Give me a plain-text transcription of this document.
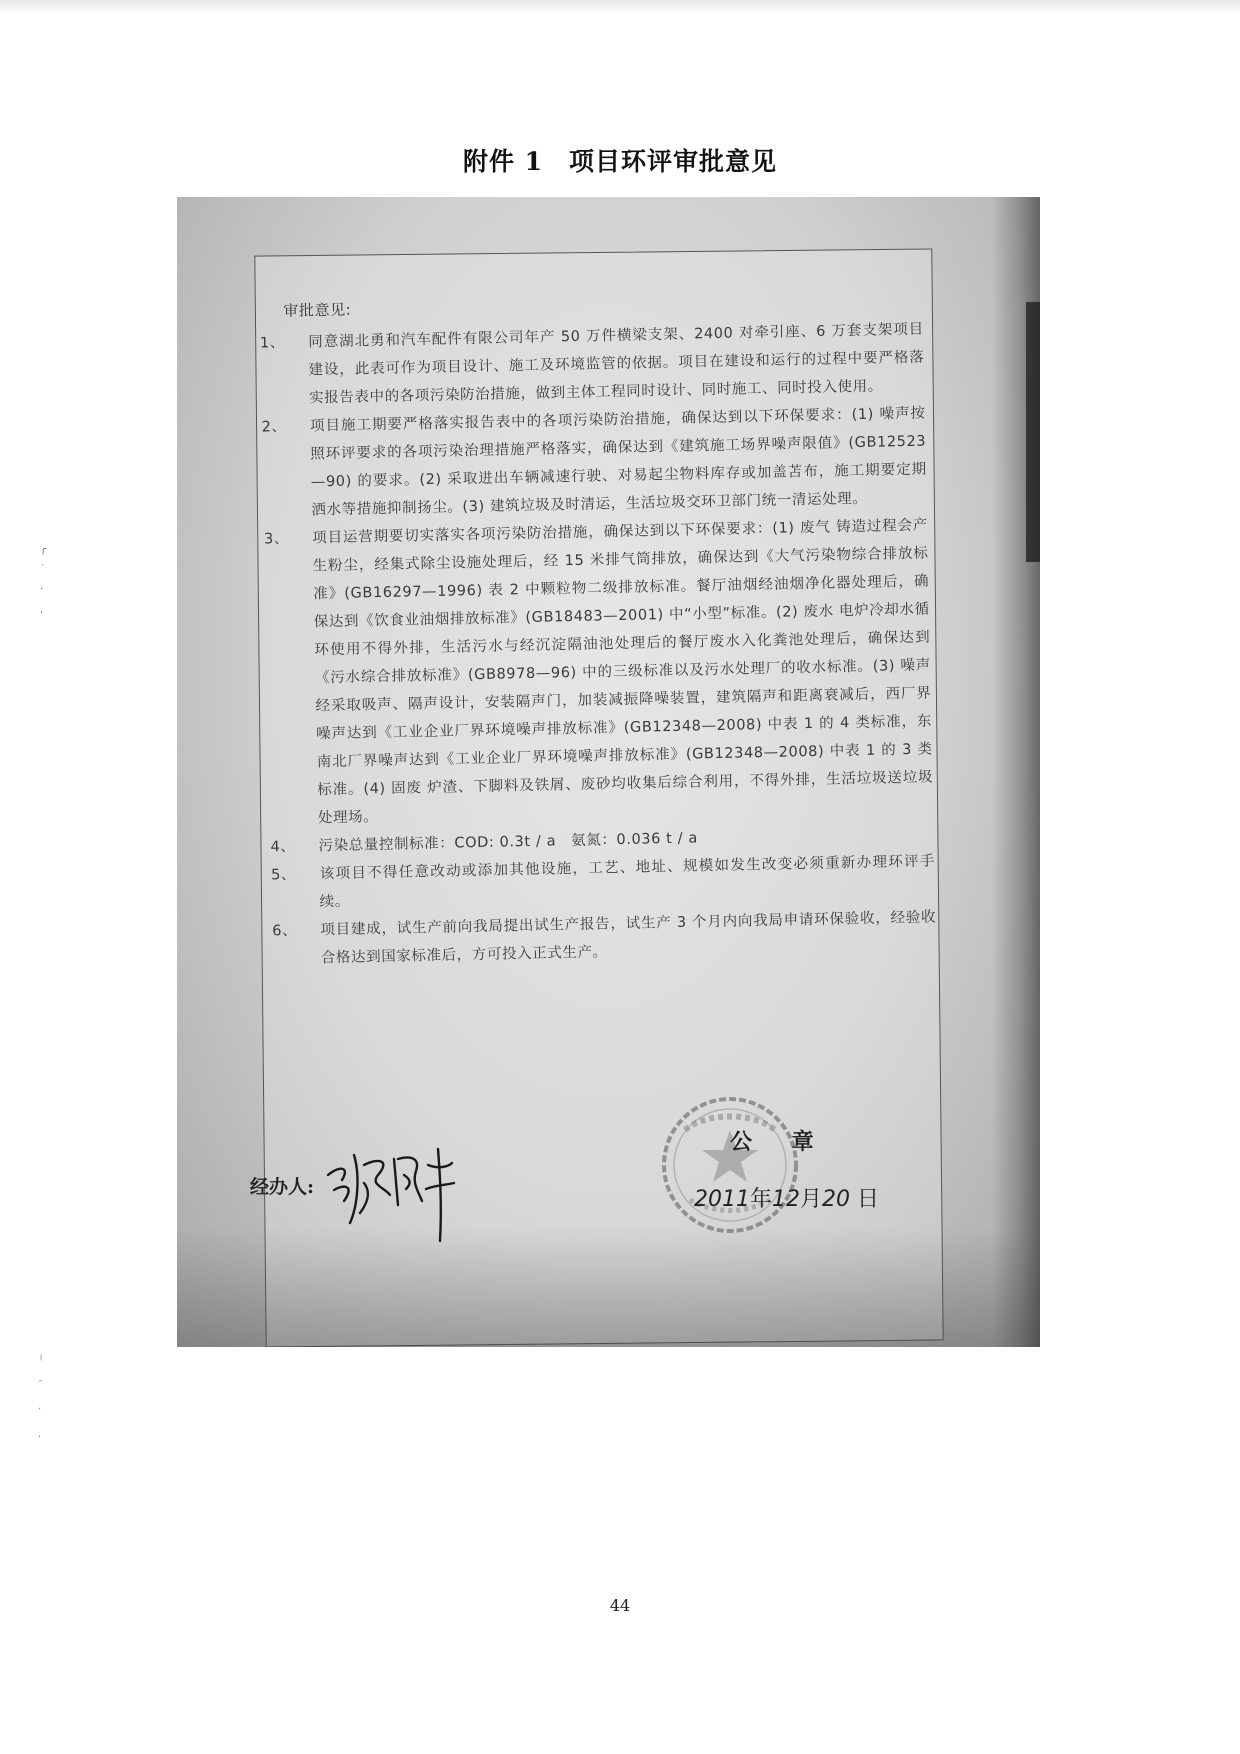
附件 1　项目环评审批意见
审批意见:
1、 同意湖北勇和汽车配件有限公司年产 50 万件横梁支架、2400 对牵引座、6 万套支架项目建设，此表可作为项目设计、施工及环境监管的依据。项目在建设和运行的过程中要严格落实报告表中的各项污染防治措施，做到主体工程同时设计、同时施工、同时投入使用。
2、 项目施工期要严格落实报告表中的各项污染防治措施，确保达到以下环保要求：(1) 噪声按照环评要求的各项污染治理措施严格落实，确保达到《建筑施工场界噪声限值》(GB12523—90) 的要求。(2) 采取进出车辆减速行驶、对易起尘物料库存或加盖苫布，施工期要定期洒水等措施抑制扬尘。(3) 建筑垃圾及时清运，生活垃圾交环卫部门统一清运处理。
3、 项目运营期要切实落实各项污染防治措施，确保达到以下环保要求：(1) 废气 铸造过程会产生粉尘，经集式除尘设施处理后，经 15 米排气筒排放，确保达到《大气污染物综合排放标准》(GB16297—1996) 表 2 中颗粒物二级排放标准。餐厅油烟经油烟净化器处理后，确保达到《饮食业油烟排放标准》(GB18483—2001) 中“小型”标准。(2) 废水 电炉冷却水循环使用不得外排，生活污水与经沉淀隔油池处理后的餐厅废水入化粪池处理后，确保达到《污水综合排放标准》(GB8978—96) 中的三级标准以及污水处理厂的收水标准。(3) 噪声 经采取吸声、隔声设计，安装隔声门，加装减振降噪装置，建筑隔声和距离衰减后，西厂界噪声达到《工业企业厂界环境噪声排放标准》(GB12348—2008) 中表 1 的 4 类标准，东南北厂界噪声达到《工业企业厂界环境噪声排放标准》(GB12348—2008) 中表 1 的 3 类标准。(4) 固废 炉渣、下脚料及铁屑、废砂均收集后综合利用，不得外排，生活垃圾送垃圾处理场。
4、 污染总量控制标准：COD: 0.3t / a　氨氮：0.036 t / a
5、 该项目不得任意改动或添加其他设施，工艺、地址、规模如发生改变必须重新办理环评手续。
6、 项目建成，试生产前向我局提出试生产报告，试生产 3 个月内向我局申请环保验收，经验收合格达到国家标准后，方可投入正式生产。
经办人:
公 章
2011年12月20 日
╭
˙
·
ˌ
╵
ˉ
·
ˌ
44
